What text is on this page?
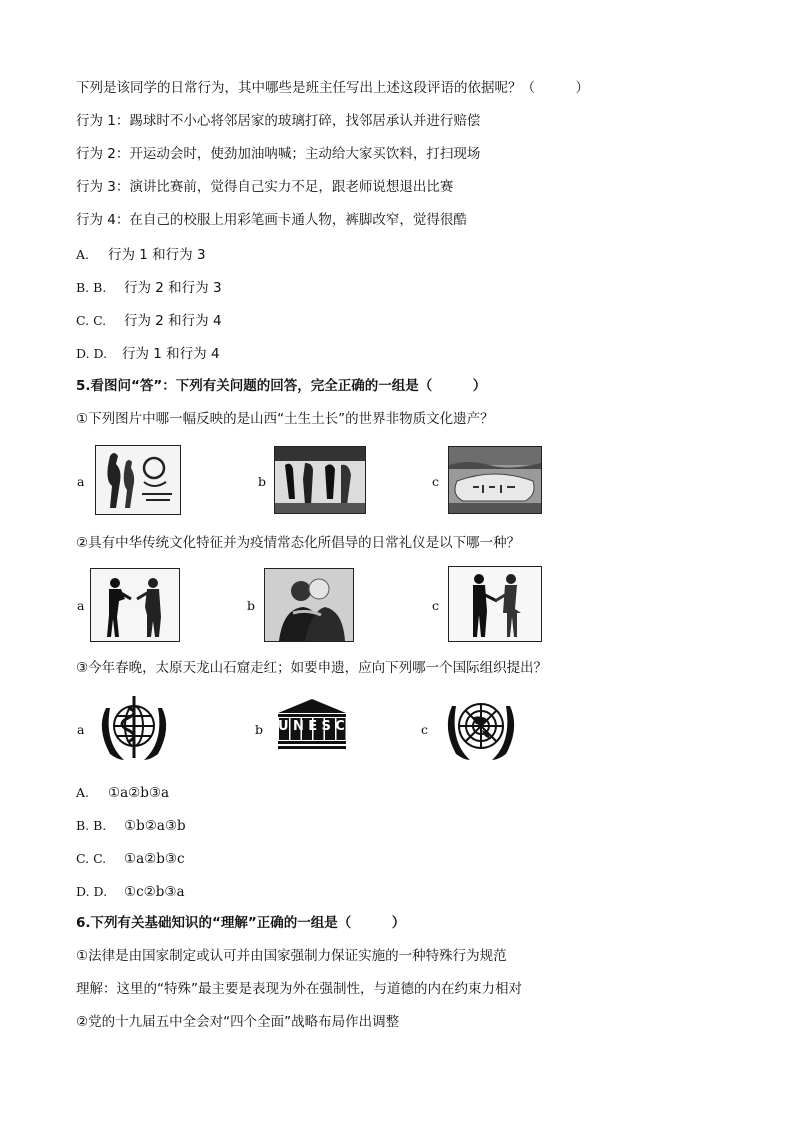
下列是该同学的日常行为，其中哪些是班主任写出上述这段评语的依据呢？（　　　）
行为 1：踢球时不小心将邻居家的玻璃打碎，找邻居承认并进行赔偿
行为 2：开运动会时，使劲加油呐喊；主动给大家买饮料，打扫现场
行为 3：演讲比赛前，觉得自己实力不足，跟老师说想退出比赛
行为 4：在自己的校服上用彩笔画卡通人物，裤脚改窄，觉得很酷
A. 行为 1 和行为 3
B. B. 行为 2 和行为 3
C. C. 行为 2 和行为 4
D. D. 行为 1 和行为 4
5.看图问“答”：下列有关问题的回答，完全正确的一组是（　　　）
①下列图片中哪一幅反映的是山西“土生土长”的世界非物质文化遗产？
a	b	c
②具有中华传统文化特征并为疫情常态化所倡导的日常礼仪是以下哪一种？
a	b	c
③今年春晚，太原天龙山石窟走红；如要申遗，应向下列哪一个国际组织提出？
a	b UNESCO	c
A. ①a②b③a
B. B. ①b②a③b
C. C. ①a②b③c
D. D. ①c②b③a
6.下列有关基础知识的“理解”正确的一组是（　　　）
①法律是由国家制定或认可并由国家强制力保证实施的一种特殊行为规范
理解：这里的“特殊”最主要是表现为外在强制性，与道德的内在约束力相对
②党的十九届五中全会对“四个全面”战略布局作出调整
